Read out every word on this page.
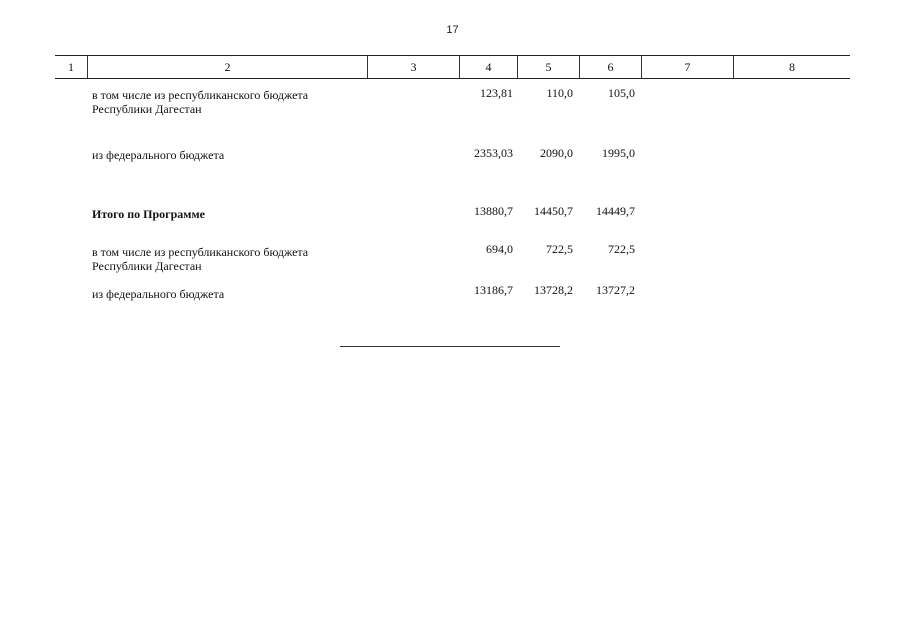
17
1	2	3	4	5	6	7	8
в том числе из республиканского бюджета
Республики Дагестан
123,81	110,0	105,0
из федерального бюджета	2353,03	2090,0	1995,0
Итого по Программе	13880,7	14450,7	14449,7
в том числе из республиканского бюджета
Республики Дагестан
694,0	722,5	722,5
из федерального бюджета	13186,7	13728,2	13727,2
